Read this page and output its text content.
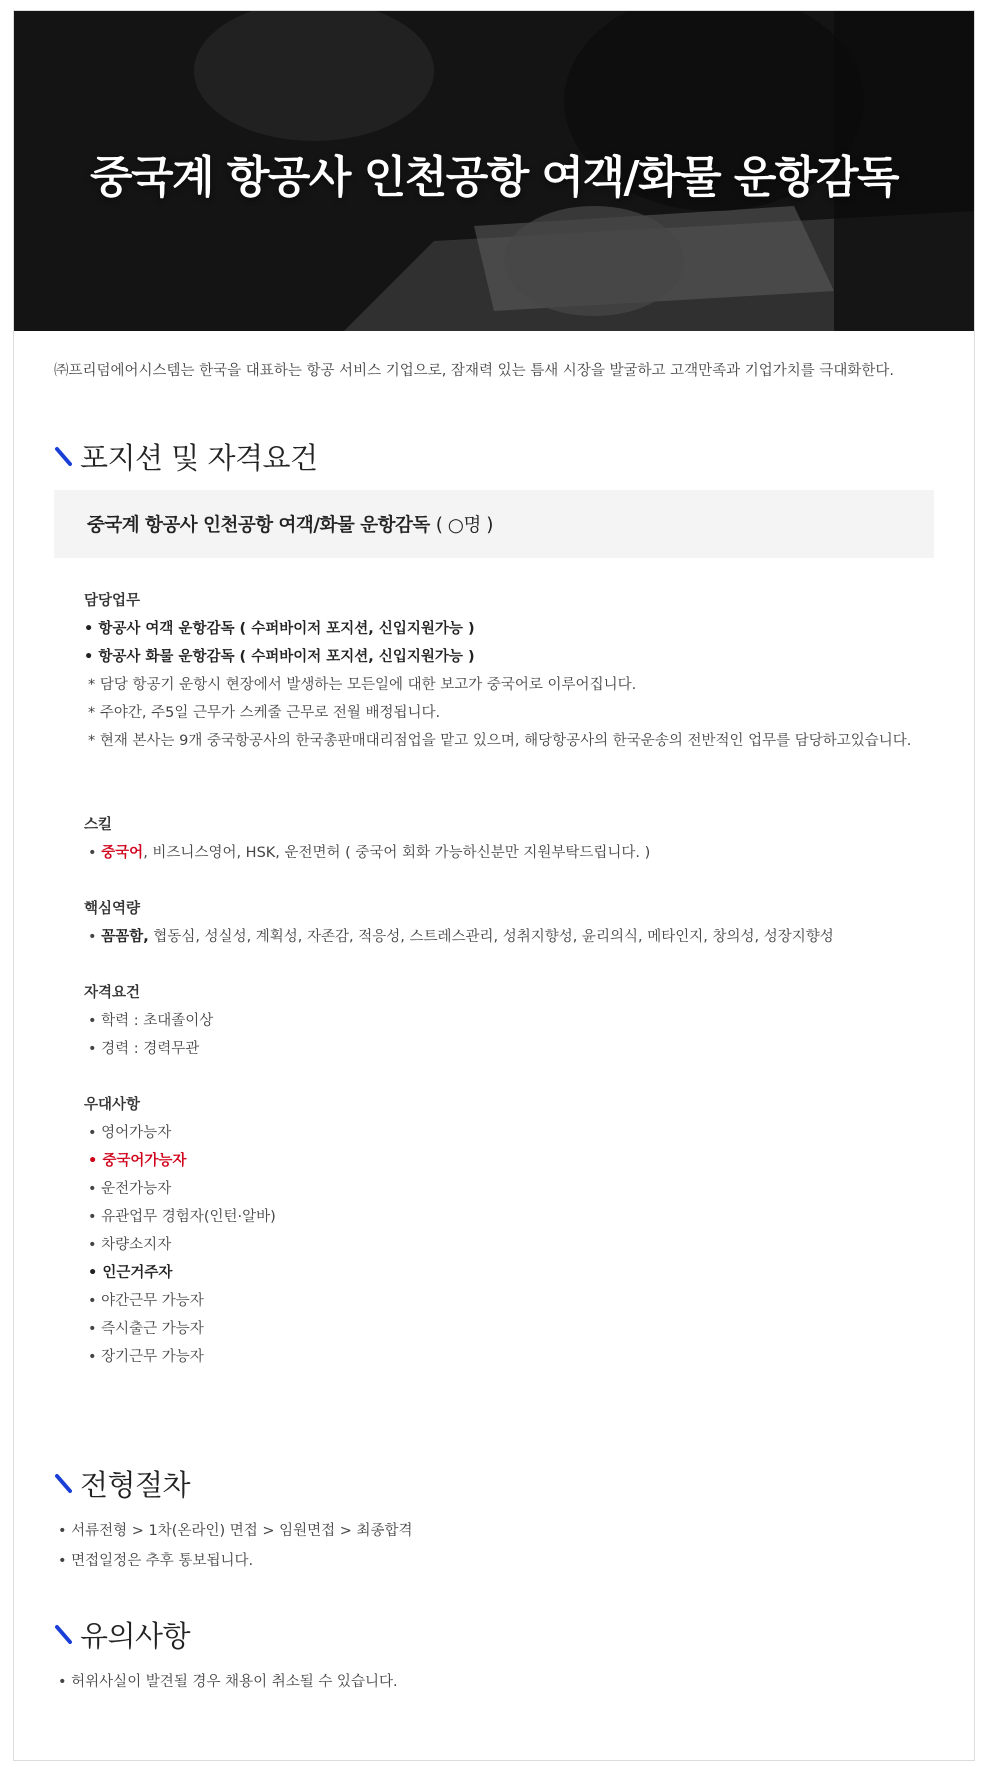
중국계 항공사 인천공항 여객/화물 운항감독
㈜프리덤에어시스템는 한국을 대표하는 항공 서비스 기업으로, 잠재력 있는 틈새 시장을 발굴하고 고객만족과 기업가치를 극대화한다.
포지션 및 자격요건
중국계 항공사 인천공항 여객/화물 운항감독 ( ○명 )
담당업무
• 항공사 여객 운항감독 ( 수퍼바이저 포지션, 신입지원가능 )
• 항공사 화물 운항감독 ( 수퍼바이저 포지션, 신입지원가능 )
* 담당 항공기 운항시 현장에서 발생하는 모든일에 대한 보고가 중국어로 이루어집니다.
* 주야간, 주5일 근무가 스케줄 근무로 전월 배정됩니다.
* 현재 본사는 9개 중국항공사의 한국총판매대리점업을 맡고 있으며, 해당항공사의 한국운송의 전반적인 업무를 담당하고있습니다.
스킬
• 중국어, 비즈니스영어, HSK, 운전면허 ( 중국어 회화 가능하신분만 지원부탁드립니다. )
핵심역량
• 꼼꼼함, 협동심, 성실성, 계획성, 자존감, 적응성, 스트레스관리, 성취지향성, 윤리의식, 메타인지, 창의성, 성장지향성
자격요건
• 학력 : 초대졸이상
• 경력 : 경력무관
우대사항
• 영어가능자
• 중국어가능자
• 운전가능자
• 유관업무 경험자(인턴·알바)
• 차량소지자
• 인근거주자
• 야간근무 가능자
• 즉시출근 가능자
• 장기근무 가능자
전형절차
• 서류전형 > 1차(온라인) 면접 > 임원면접 > 최종합격
• 면접일정은 추후 통보됩니다.
유의사항
• 허위사실이 발견될 경우 채용이 취소될 수 있습니다.
